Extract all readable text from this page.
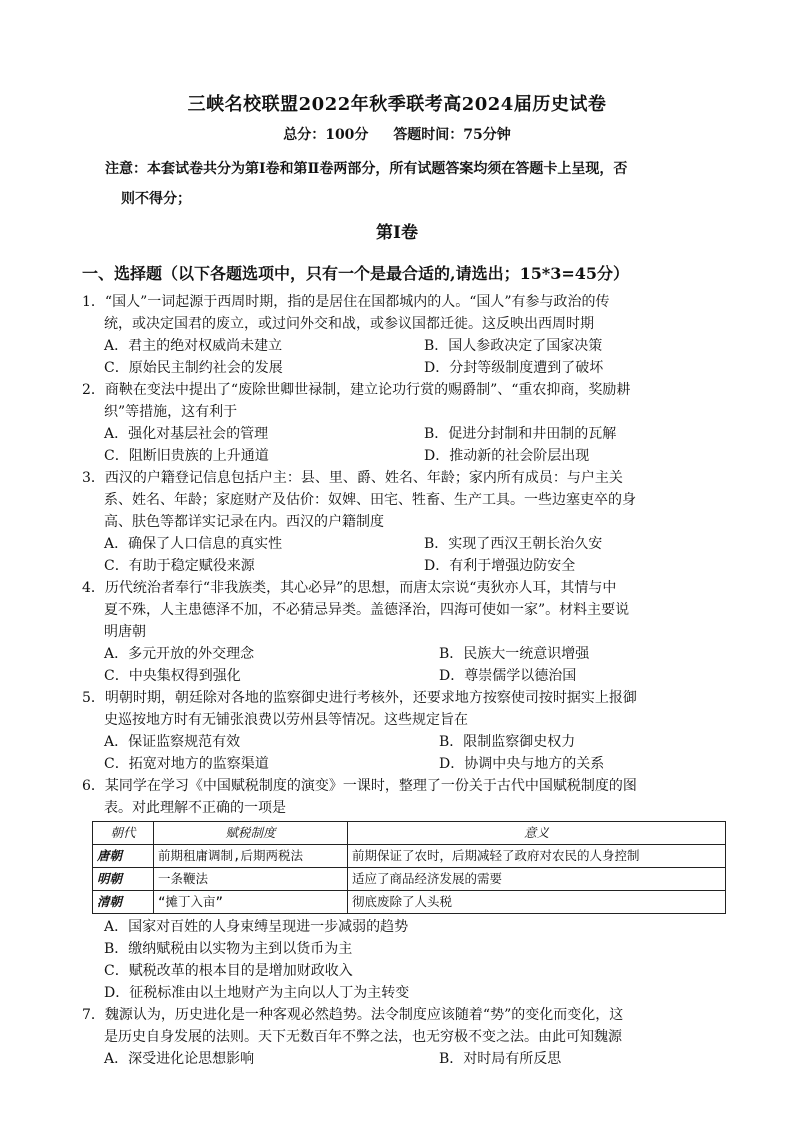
三峡名校联盟2022年秋季联考高2024届历史试卷
总分：100分 答题时间：75分钟
注意：本套试卷共分为第Ⅰ卷和第Ⅱ卷两部分，所有试题答案均须在答题卡上呈现，否
则不得分；
第Ⅰ卷
一、选择题（以下各题选项中，只有一个是最合适的,请选出；15*3=45分）
1．“国人”一词起源于西周时期，指的是居住在国都城内的人。“国人”有参与政治的传
统，或决定国君的废立，或过问外交和战，或参议国都迁徙。这反映出西周时期
A．君主的绝对权威尚未建立	B．国人参政决定了国家决策
C．原始民主制约社会的发展	D．分封等级制度遭到了破坏
2．商鞅在变法中提出了“废除世卿世禄制，建立论功行赏的赐爵制”、“重农抑商，奖励耕
织”等措施，这有利于
A．强化对基层社会的管理	B．促进分封制和井田制的瓦解
C．阻断旧贵族的上升通道	D．推动新的社会阶层出现
3．西汉的户籍登记信息包括户主：县、里、爵、姓名、年龄；家内所有成员：与户主关
系、姓名、年龄；家庭财产及估价：奴婢、田宅、牲畜、生产工具。一些边塞吏卒的身
高、肤色等都详实记录在内。西汉的户籍制度
A．确保了人口信息的真实性	B．实现了西汉王朝长治久安
C．有助于稳定赋役来源	D．有利于增强边防安全
4．历代统治者奉行“非我族类，其心必异”的思想，而唐太宗说“夷狄亦人耳，其情与中
夏不殊，人主患德泽不加，不必猜忌异类。盖德泽治，四海可使如一家”。材料主要说
明唐朝
A．多元开放的外交理念	B．民族大一统意识增强
C．中央集权得到强化	D．尊崇儒学以德治国
5．明朝时期，朝廷除对各地的监察御史进行考核外，还要求地方按察使司按时据实上报御
史巡按地方时有无铺张浪费以劳州县等情况。这些规定旨在
A．保证监察规范有效	B．限制监察御史权力
C．拓宽对地方的监察渠道	D．协调中央与地方的关系
6．某同学在学习《中国赋税制度的演变》一课时，整理了一份关于古代中国赋税制度的图
表。对此理解不正确的一项是
朝代	赋税制度	意义
唐朝	前期租庸调制,后期两税法	前期保证了农时，后期减轻了政府对农民的人身控制
明朝	一条鞭法	适应了商品经济发展的需要
清朝	“摊丁入亩”	彻底废除了人头税
A．国家对百姓的人身束缚呈现进一步减弱的趋势
B．缴纳赋税由以实物为主到以货币为主
C．赋税改革的根本目的是增加财政收入
D．征税标准由以土地财产为主向以人丁为主转变
7．魏源认为，历史进化是一种客观必然趋势。法令制度应该随着“势”的变化而变化，这
是历史自身发展的法则。天下无数百年不弊之法，也无穷极不变之法。由此可知魏源
A．深受进化论思想影响	B．对时局有所反思
